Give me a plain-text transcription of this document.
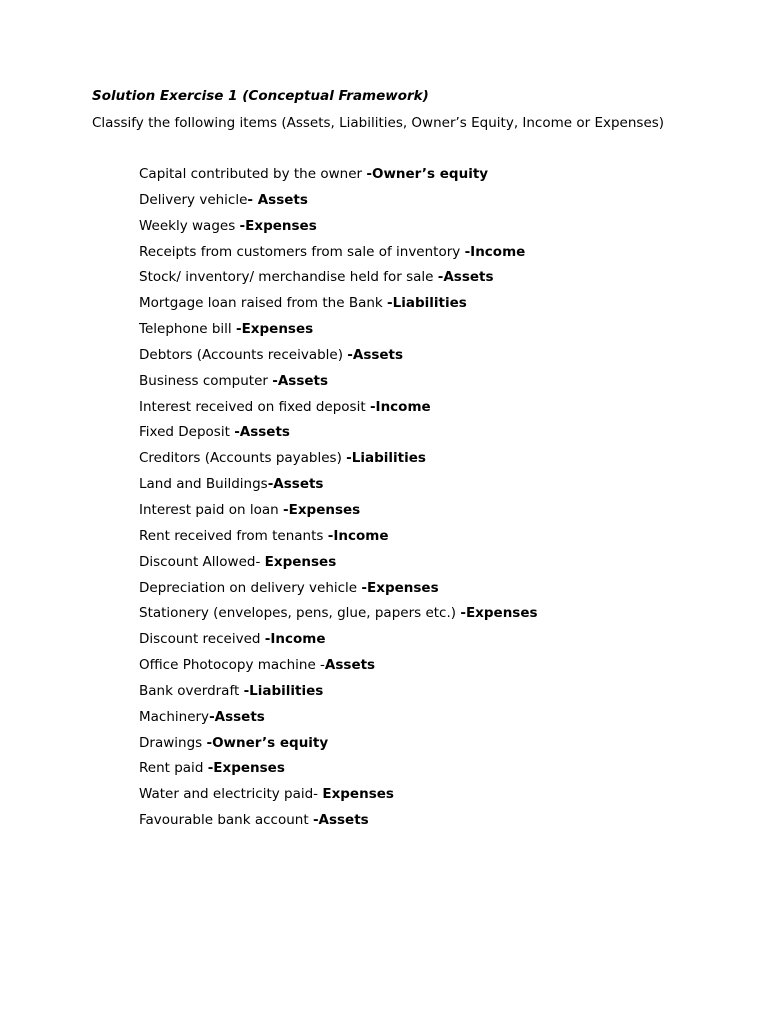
Solution Exercise 1 (Conceptual Framework)
Classify the following items (Assets, Liabilities, Owner’s Equity, Income or Expenses)
Capital contributed by the owner -Owner’s equity
Delivery vehicle- Assets
Weekly wages -Expenses
Receipts from customers from sale of inventory -Income
Stock/ inventory/ merchandise held for sale -Assets
Mortgage loan raised from the Bank -Liabilities
Telephone bill -Expenses
Debtors (Accounts receivable) -Assets
Business computer -Assets
Interest received on fixed deposit -Income
Fixed Deposit -Assets
Creditors (Accounts payables) -Liabilities
Land and Buildings-Assets
Interest paid on loan -Expenses
Rent received from tenants -Income
Discount Allowed- Expenses
Depreciation on delivery vehicle -Expenses
Stationery (envelopes, pens, glue, papers etc.) -Expenses
Discount received -Income
Office Photocopy machine -Assets
Bank overdraft -Liabilities
Machinery-Assets
Drawings -Owner’s equity
Rent paid -Expenses
Water and electricity paid- Expenses
Favourable bank account -Assets
